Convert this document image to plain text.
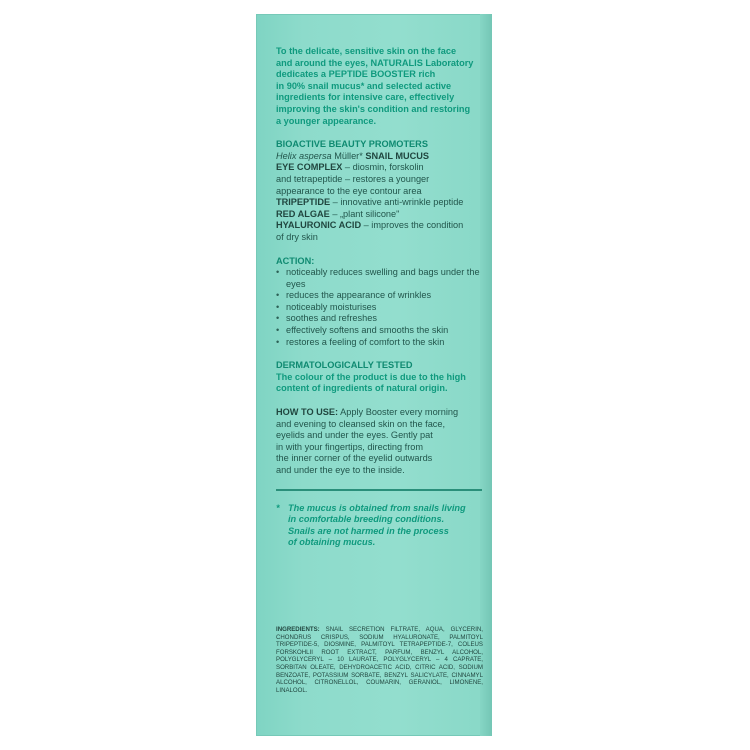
To the delicate, sensitive skin on the face

and around the eyes, NATURALIS Laboratory

dedicates a PEPTIDE BOOSTER rich

in 90% snail mucus* and selected active

ingredients for intensive care, effectively

improving the skin's condition and restoring

a younger appearance.

BIOACTIVE BEAUTY PROMOTERS

Helix aspersa Müller* SNAIL MUCUS

EYE COMPLEX – diosmin, forskolin

and tetrapeptide – restores a younger

appearance to the eye contour area

TRIPEPTIDE – innovative anti-wrinkle peptide

RED ALGAE – „plant silicone"

HYALURONIC ACID – improves the condition

of dry skin

ACTION:

• noticeably reduces swelling and bags under the eyes
• reduces the appearance of wrinkles
• noticeably moisturises
• soothes and refreshes
• effectively softens and smooths the skin
• restores a feeling of comfort to the skin

DERMATOLOGICALLY TESTED

The colour of the product is due to the high

content of ingredients of natural origin.

HOW TO USE: Apply Booster every morning

and evening to cleansed skin on the face,

eyelids and under the eyes. Gently pat

in with your fingertips, directing from

the inner corner of the eyelid outwards

and under the eye to the inside.

* The mucus is obtained from snails living

in comfortable breeding conditions.

Snails are not harmed in the process

of obtaining mucus.

INGREDIENTS: SNAIL SECRETION FILTRATE, AQUA, GLYCERIN, CHONDRUS CRISPUS, SODIUM HYALURONATE, PALMITOYL TRIPEPTIDE-5, DIOSMINE, PALMITOYL TETRAPEPTIDE-7, COLEUS FORSKOHLII ROOT EXTRACT, PARFUM, BENZYL ALCOHOL, POLYGLYCERYL – 10 LAURATE, POLYGLYCERYL – 4 CAPRATE, SORBITAN OLEATE, DEHYDROACETIC ACID, CITRIC ACID, SODIUM BENZOATE, POTASSIUM SORBATE, BENZYL SALICYLATE, CINNAMYL ALCOHOL, CITRONELLOL, COUMARIN, GERANIOL, LIMONENE, LINALOOL.
